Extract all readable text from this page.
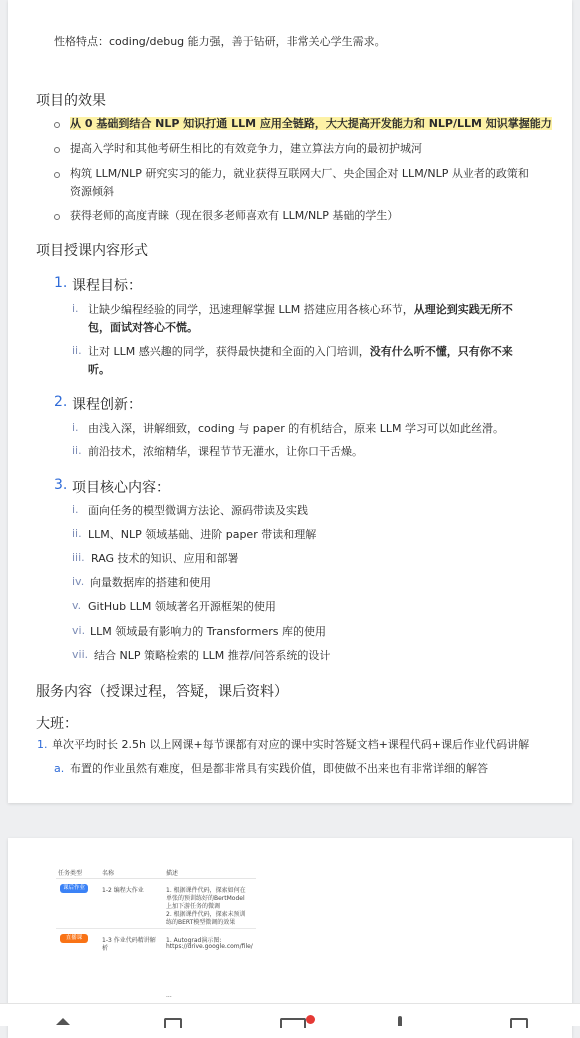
性格特点：coding/debug 能力强，善于钻研，非常关心学生需求。
项目的效果
从 0 基础到结合 NLP 知识打通 LLM 应用全链路，大大提高开发能力和 NLP/LLM 知识掌握能力
提高入学时和其他考研生相比的有效竞争力，建立算法方向的最初护城河
构筑 LLM/NLP 研究实习的能力，就业获得互联网大厂、央企国企对 LLM/NLP 从业者的政策和
资源倾斜
获得老师的高度青睐（现在很多老师喜欢有 LLM/NLP 基础的学生）
项目授课内容形式
1. 课程目标：
i. 让缺少编程经验的同学，迅速理解掌握 LLM 搭建应用各核心环节，从理论到实践无所不
包，面试对答心不慌。
ii. 让对 LLM 感兴趣的同学，获得最快捷和全面的入门培训，没有什么听不懂，只有你不来
听。
2. 课程创新：
i. 由浅入深，讲解细致，coding 与 paper 的有机结合，原来 LLM 学习可以如此丝滑。
ii. 前沿技术，浓缩精华，课程节节无灌水，让你口干舌燥。
3. 项目核心内容：
i. 面向任务的模型微调方法论、源码带读及实践
ii. LLM、NLP 领域基础、进阶 paper 带读和理解
iii. RAG 技术的知识、应用和部署
iv. 向量数据库的搭建和使用
v. GitHub LLM 领域著名开源框架的使用
vi. LLM 领域最有影响力的 Transformers 库的使用
vii. 结合 NLP 策略检索的 LLM 推荐/问答系统的设计
服务内容（授课过程，答疑，课后资料）
大班：
1. 单次平均时长 2.5h 以上网课+每节课都有对应的课中实时答疑文档+课程代码+课后作业代码讲解
a. 布置的作业虽然有难度，但是都非常具有实践价值，即使做不出来也有非常详细的解答
任务类型	名称	描述
课后作业	1-2 编程大作业	1. 根据课件代码，探索如何在
单张的预训练好的BertModel
上加下游任务的微调
2. 根据课件代码，探索未预训
练的BERT模型微调的效果
直播课	1-3 作业代码精讲解
析
1. Autograd演示图:
https://drive.google.com/file/
...
